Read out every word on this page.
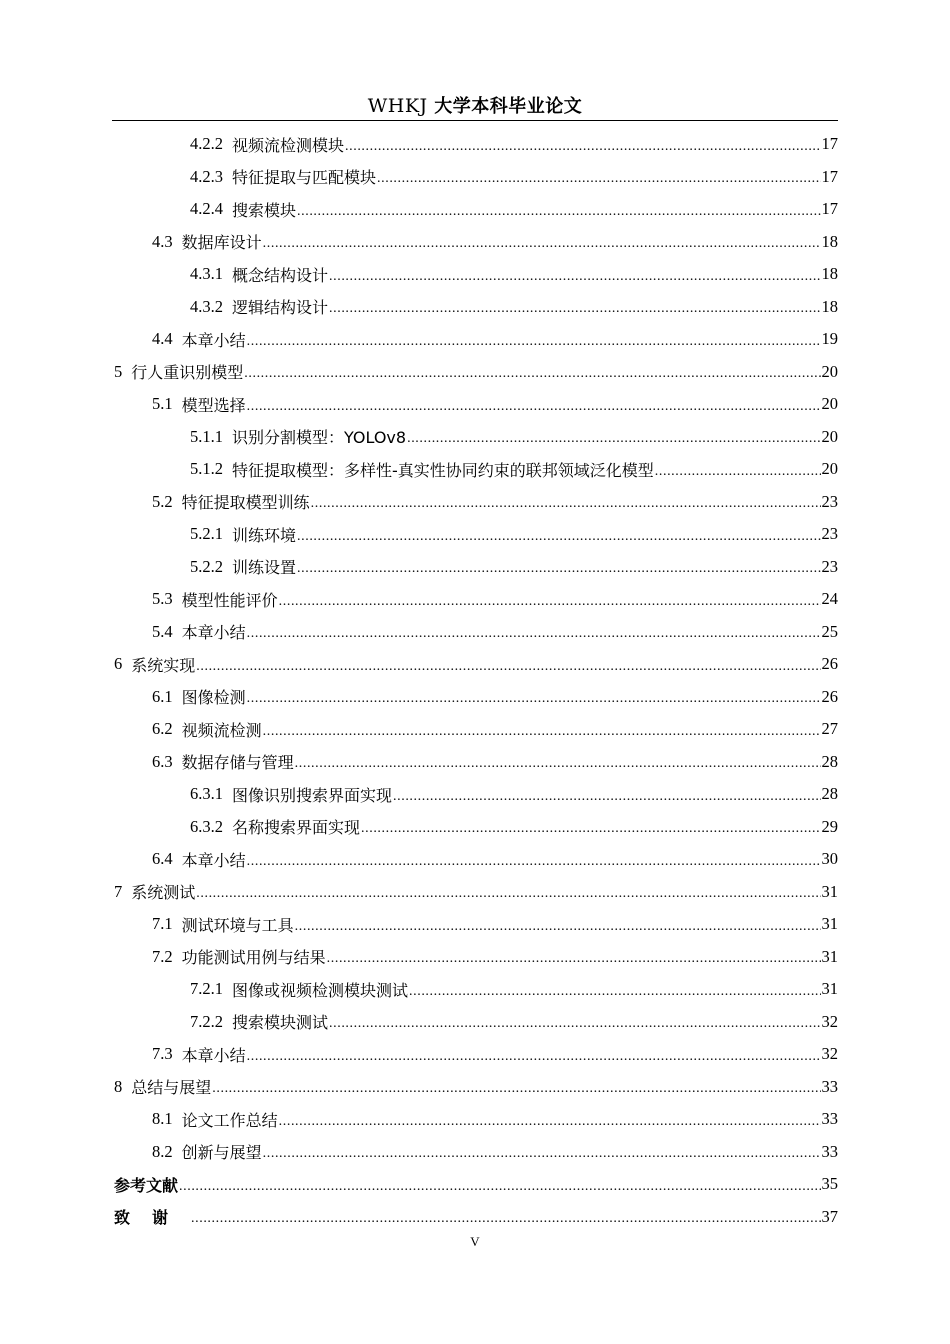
WHKJ 大学本科毕业论文
4.2.2 视频流检测模块 .....	17
4.2.3 特征提取与匹配模块 .....	17
4.2.4 搜索模块 .....	17
4.3 数据库设计 .....	18
4.3.1 概念结构设计 .....	18
4.3.2 逻辑结构设计 .....	18
4.4 本章小结 .....	19
5 行人重识别模型 .....	20
5.1 模型选择 .....	20
5.1.1 识别分割模型：YOLOv8 .....	20
5.1.2 特征提取模型：多样性-真实性协同约束的联邦领域泛化模型 .....	20
5.2 特征提取模型训练 .....	23
5.2.1 训练环境 .....	23
5.2.2 训练设置 .....	23
5.3 模型性能评价 .....	24
5.4 本章小结 .....	25
6 系统实现 .....	26
6.1 图像检测 .....	26
6.2 视频流检测 .....	27
6.3 数据存储与管理 .....	28
6.3.1 图像识别搜索界面实现 .....	28
6.3.2 名称搜索界面实现 .....	29
6.4 本章小结 .....	30
7 系统测试 .....	31
7.1 测试环境与工具 .....	31
7.2 功能测试用例与结果 .....	31
7.2.1 图像或视频检测模块测试 .....	31
7.2.2 搜索模块测试 .....	32
7.3 本章小结 .....	32
8 总结与展望 .....	33
8.1 论文工作总结 .....	33
8.2 创新与展望 .....	33
参考文献 .....	35
致谢 .....	37
V
